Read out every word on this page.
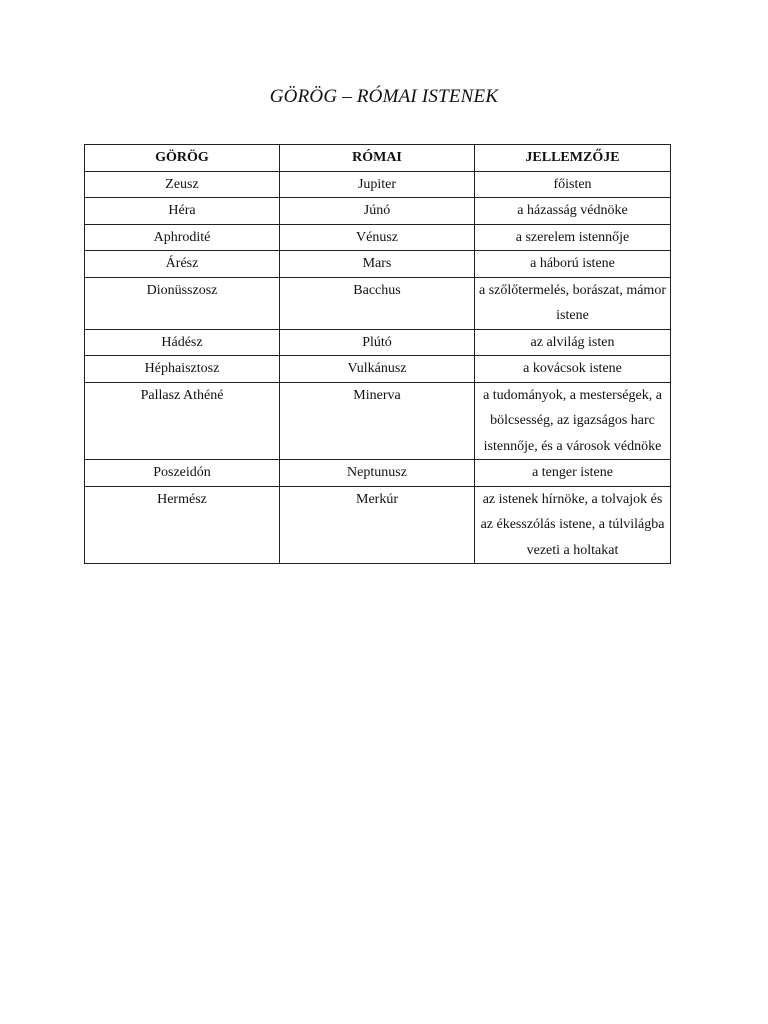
GÖRÖG – RÓMAI ISTENEK
GÖRÖG	RÓMAI	JELLEMZŐJE
Zeusz	Jupiter	főisten
Héra	Júnó	a házasság védnöke
Aphrodité	Vénusz	a szerelem istennője
Árész	Mars	a háború istene
Dionüsszosz	Bacchus	a szőlőtermelés, borászat, mámor istene
Hádész	Plútó	az alvilág isten
Héphaisztosz	Vulkánusz	a kovácsok istene
Pallasz Athéné	Minerva	a tudományok, a mesterségek, a bölcsesség, az igazságos harc istennője, és a városok védnöke
Poszeidón	Neptunusz	a tenger istene
Hermész	Merkúr	az istenek hírnöke, a tolvajok és az ékesszólás istene, a túlvilágba vezeti a holtakat
